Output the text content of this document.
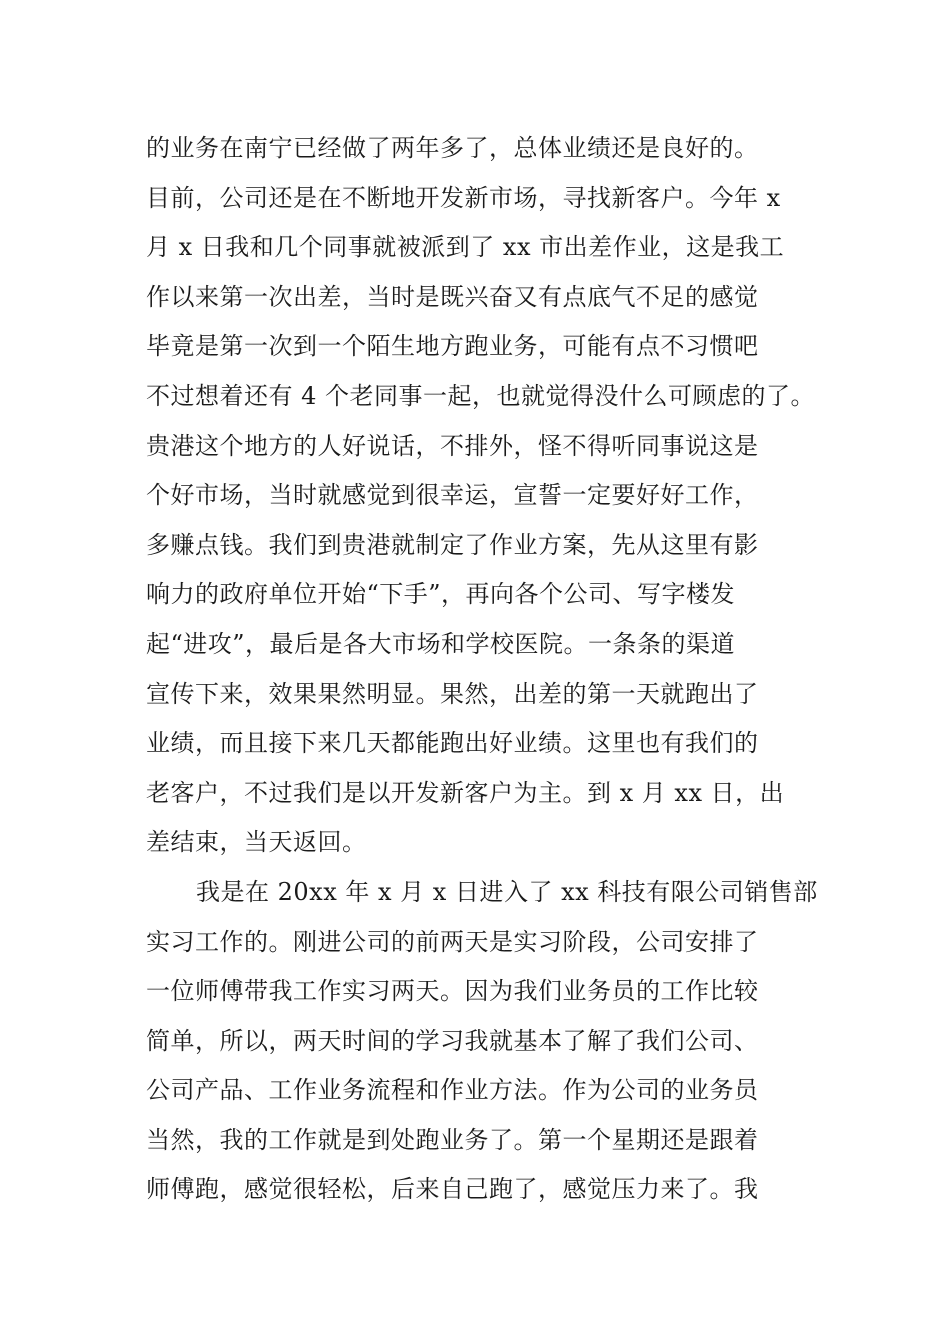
的业务在南宁已经做了两年多了，总体业绩还是良好的。
目前，公司还是在不断地开发新市场，寻找新客户。今年 x
月 x 日我和几个同事就被派到了 xx 市出差作业，这是我工
作以来第一次出差，当时是既兴奋又有点底气不足的感觉
毕竟是第一次到一个陌生地方跑业务，可能有点不习惯吧
不过想着还有 4 个老同事一起，也就觉得没什么可顾虑的了。
贵港这个地方的人好说话，不排外，怪不得听同事说这是
个好市场，当时就感觉到很幸运，宣誓一定要好好工作，
多赚点钱。我们到贵港就制定了作业方案，先从这里有影
响力的政府单位开始“下手”，再向各个公司、写字楼发
起“进攻”，最后是各大市场和学校医院。一条条的渠道
宣传下来，效果果然明显。果然，出差的第一天就跑出了
业绩，而且接下来几天都能跑出好业绩。这里也有我们的
老客户，不过我们是以开发新客户为主。到 x 月 xx 日，出
差结束，当天返回。
我是在 20xx 年 x 月 x 日进入了 xx 科技有限公司销售部
实习工作的。刚进公司的前两天是实习阶段，公司安排了
一位师傅带我工作实习两天。因为我们业务员的工作比较
简单，所以，两天时间的学习我就基本了解了我们公司、
公司产品、工作业务流程和作业方法。作为公司的业务员
当然，我的工作就是到处跑业务了。第一个星期还是跟着
师傅跑，感觉很轻松，后来自己跑了，感觉压力来了。我
